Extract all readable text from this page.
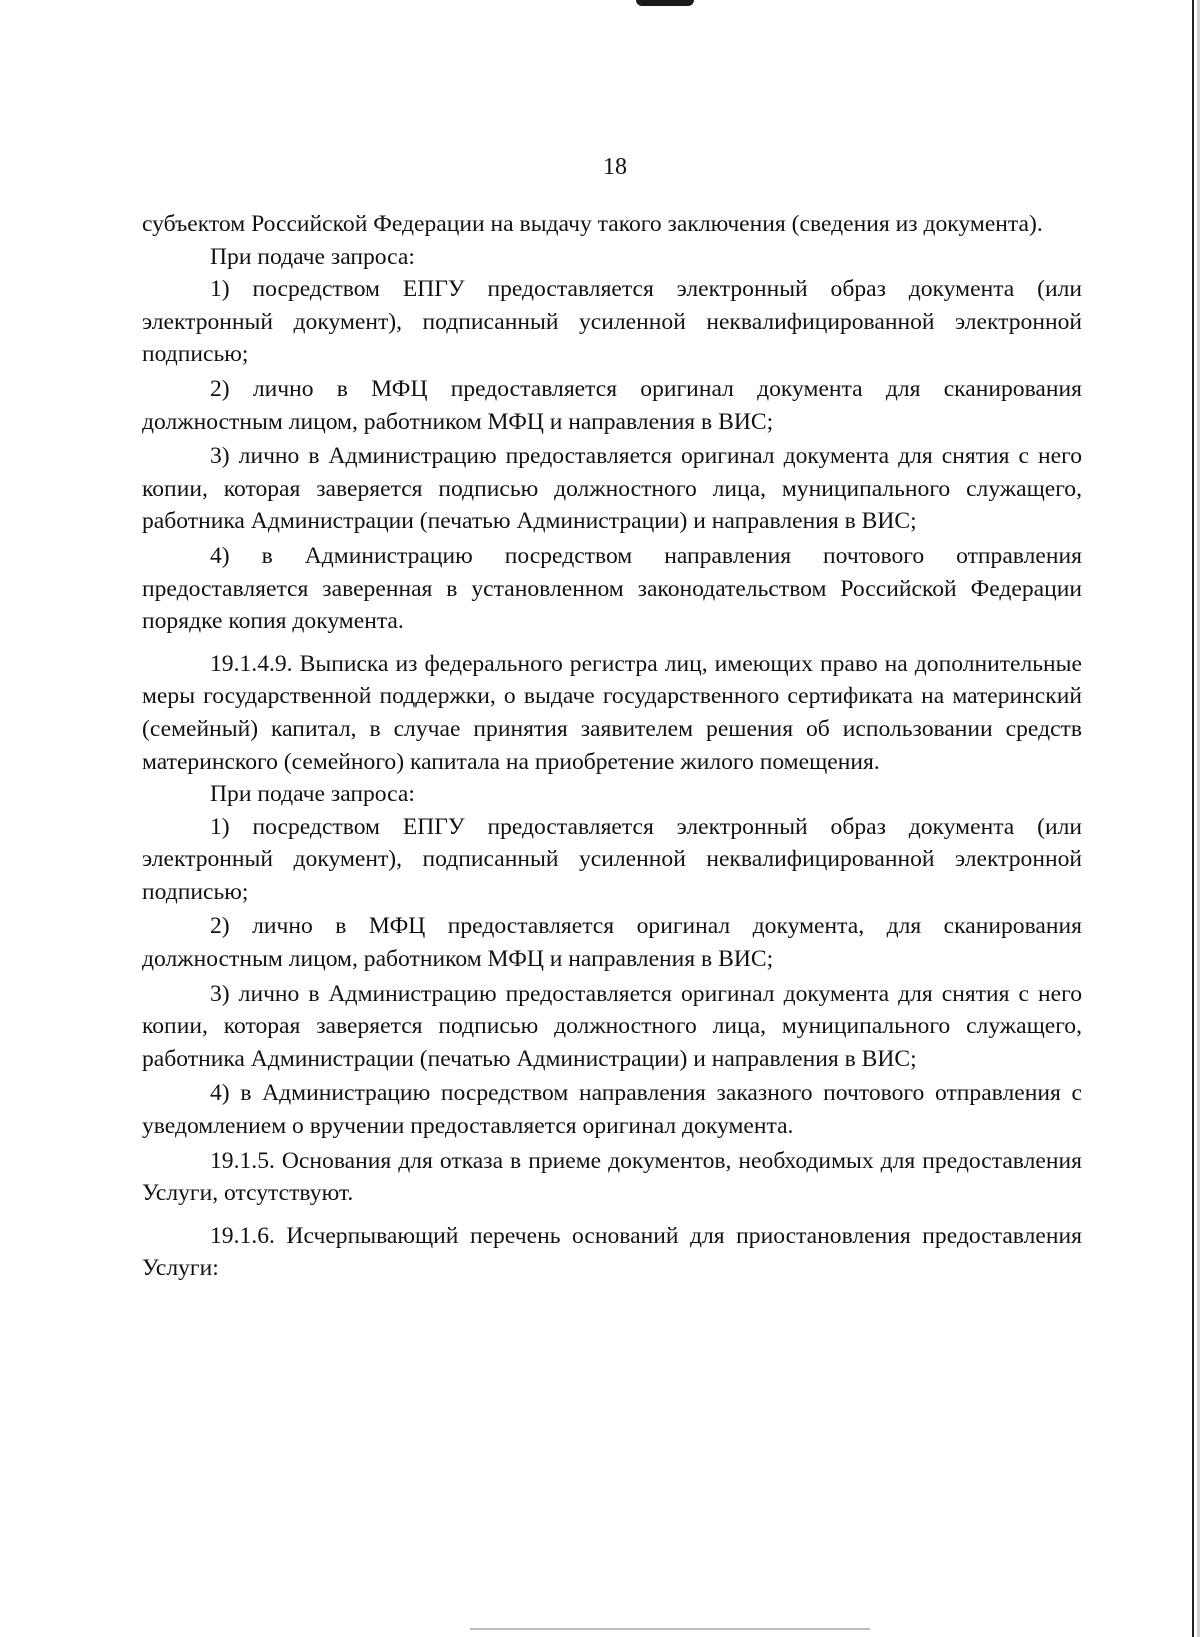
18

субъектом Российской Федерации на выдачу такого заключения (сведения из документа).

При подаче запроса:

1) посредством ЕПГУ предоставляется электронный образ документа (или электронный документ), подписанный усиленной неквалифицированной электронной подписью;

2) лично в МФЦ предоставляется оригинал документа для сканирования должностным лицом, работником МФЦ и направления в ВИС;

3) лично в Администрацию предоставляется оригинал документа для снятия с него копии, которая заверяется подписью должностного лица, муниципального служащего, работника Администрации (печатью Администрации) и направления в ВИС;

4) в Администрацию посредством направления почтового отправления предоставляется заверенная в установленном законодательством Российской Федерации порядке копия документа.

19.1.4.9. Выписка из федерального регистра лиц, имеющих право на дополнительные меры государственной поддержки, о выдаче государственного сертификата на материнский (семейный) капитал, в случае принятия заявителем решения об использовании средств материнского (семейного) капитала на приобретение жилого помещения.

При подаче запроса:

1) посредством ЕПГУ предоставляется электронный образ документа (или электронный документ), подписанный усиленной неквалифицированной электронной подписью;

2) лично в МФЦ предоставляется оригинал документа, для сканирования должностным лицом, работником МФЦ и направления в ВИС;

3) лично в Администрацию предоставляется оригинал документа для снятия с него копии, которая заверяется подписью должностного лица, муниципального служащего, работника Администрации (печатью Администрации) и направления в ВИС;

4) в Администрацию посредством направления заказного почтового отправления с уведомлением о вручении предоставляется оригинал документа.

19.1.5. Основания для отказа в приеме документов, необходимых для предоставления Услуги, отсутствуют.

19.1.6. Исчерпывающий перечень оснований для приостановления предоставления Услуги:
